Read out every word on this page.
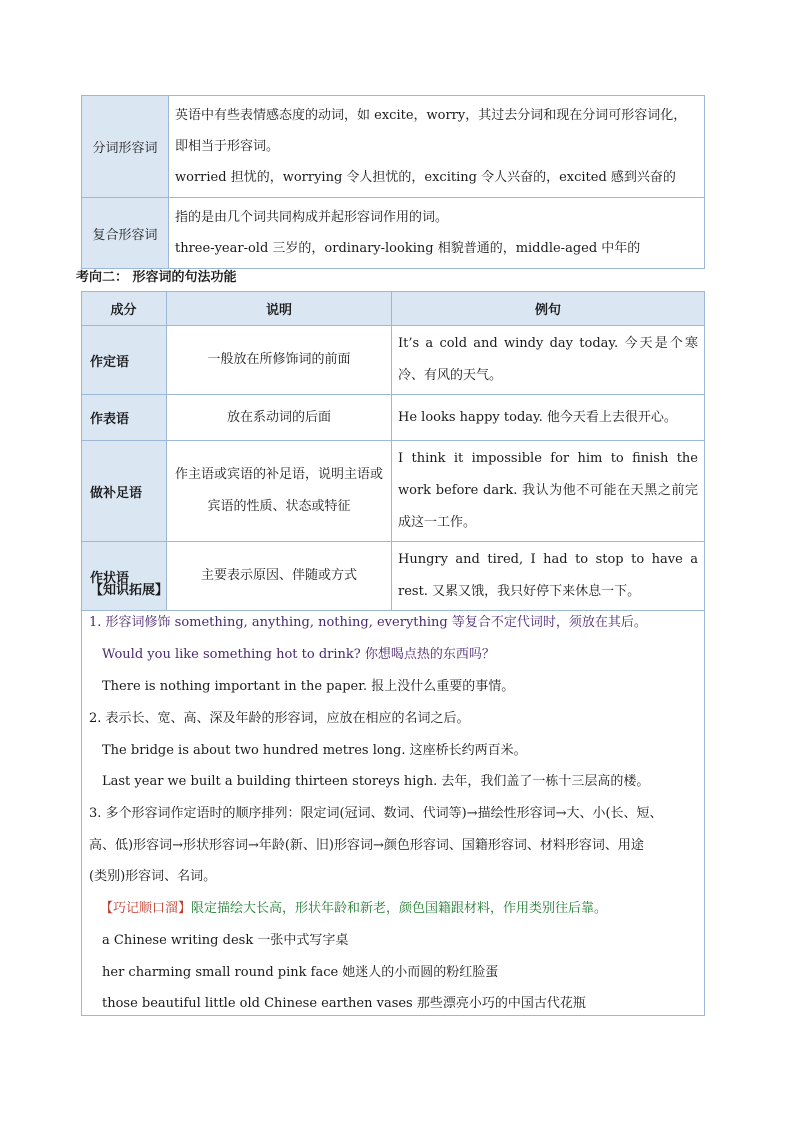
分词形容词	英语中有些表情感态度的动词，如 excite，worry，其过去分词和现在分词可形容词化，
即相当于形容词。
worried 担忧的，worrying 令人担忧的，exciting 令人兴奋的，excited 感到兴奋的

复合形容词	指的是由几个词共同构成并起形容词作用的词。
three-year-old 三岁的，ordinary-looking 相貌普通的，middle-aged 中年的
考向二： 形容词的句法功能
成分	说明	例句
作定语	一般放在所修饰词的前面	It’s a cold and windy day today. 今天是个寒冷、有风的天气。
作表语	放在系动词的后面	He looks happy today. 他今天看上去很开心。
做补足语	作主语或宾语的补足语，说明主语或宾语的性质、状态或特征	I think it impossible for him to finish the work before dark. 我认为他不可能在天黑之前完成这一工作。
作状语	主要表示原因、伴随或方式	Hungry and tired, I had to stop to have a rest. 又累又饿，我只好停下来休息一下。
【知识拓展】
1. 形容词修饰 something, anything, nothing, everything 等复合不定代词时，须放在其后。
Would you like something hot to drink? 你想喝点热的东西吗？
There is nothing important in the paper. 报上没什么重要的事情。
2. 表示长、宽、高、深及年龄的形容词，应放在相应的名词之后。
The bridge is about two hundred metres long. 这座桥长约两百米。
Last year we built a building thirteen storeys high. 去年，我们盖了一栋十三层高的楼。
3. 多个形容词作定语时的顺序排列：限定词(冠词、数词、代词等)→描绘性形容词→大、小(长、短、
高、低)形容词→形状形容词→年龄(新、旧)形容词→颜色形容词、国籍形容词、材料形容词、用途
(类别)形容词、名词。
【巧记顺口溜】限定描绘大长高，形状年龄和新老，颜色国籍跟材料，作用类别往后靠。
a Chinese writing desk 一张中式写字桌
her charming small round pink face 她迷人的小而圆的粉红脸蛋
those beautiful little old Chinese earthen vases 那些漂亮小巧的中国古代花瓶
